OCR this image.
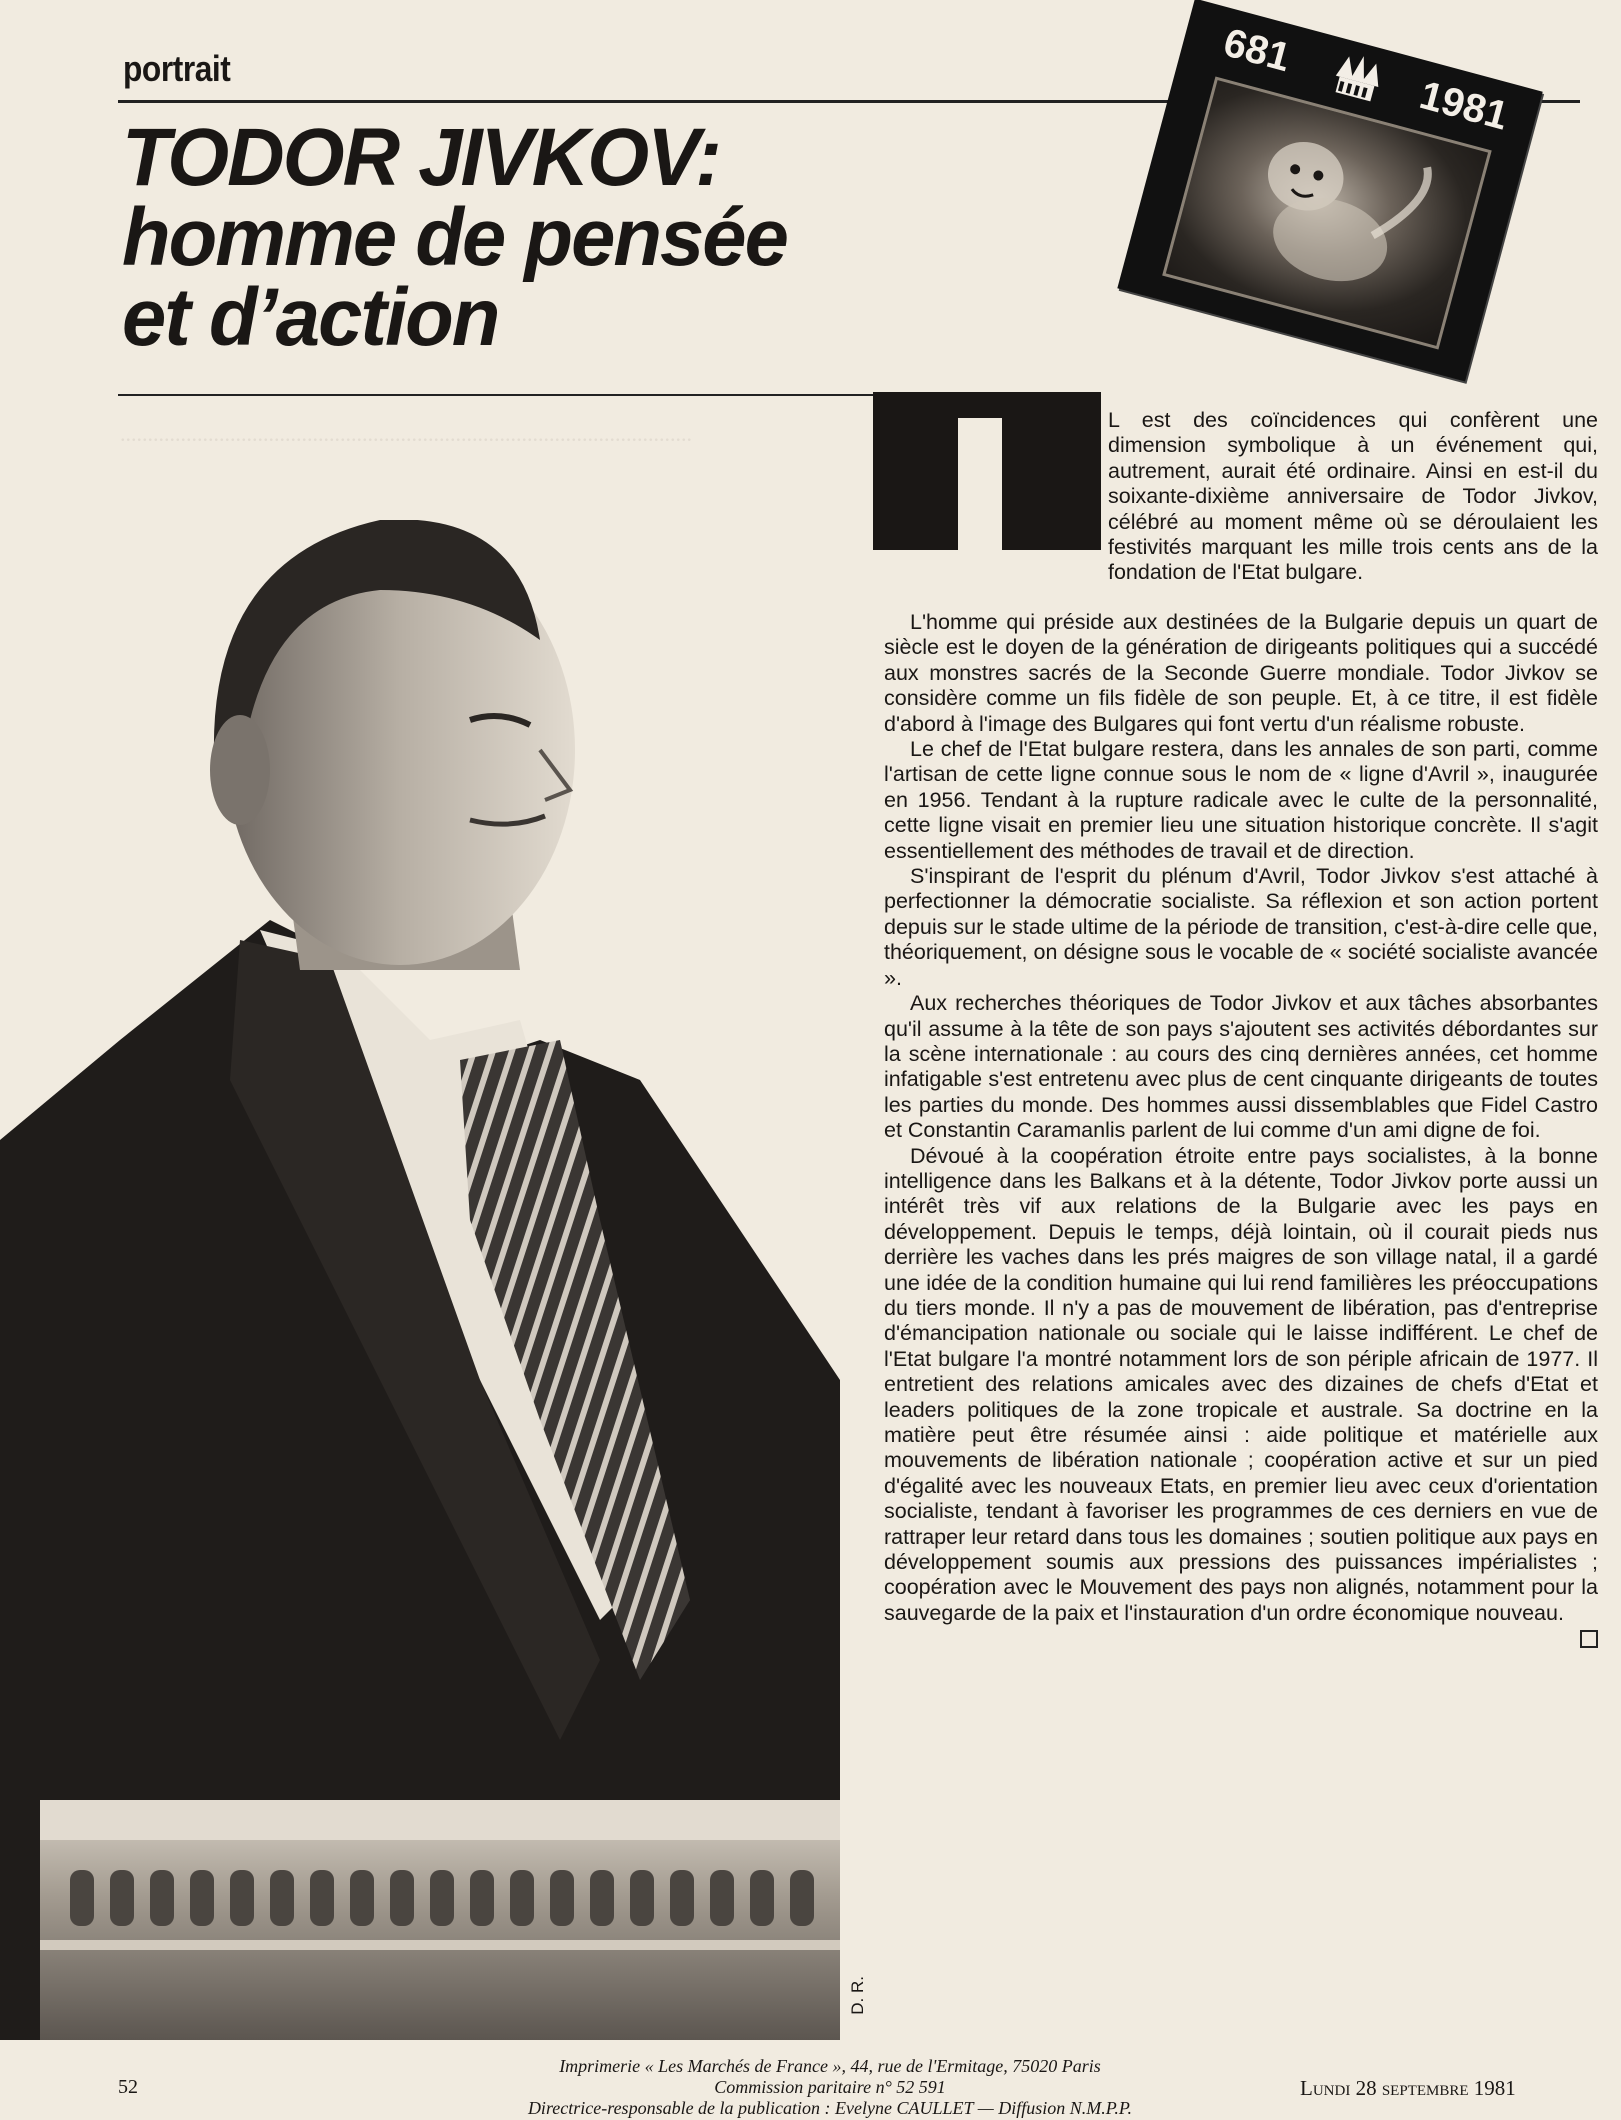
........................................................................................................
portrait
TODOR JIVKOV:
homme de pensée
et d’action
681
1981
D. R.

L est des coïncidences qui confèrent une dimension symbolique à un événement qui, autrement, aurait été ordinaire. Ainsi en est-il du soixante-dixième anniversaire de Todor Jivkov, célébré au moment même où se déroulaient les festivités marquant les mille trois cents ans de la fondation de l'Etat bulgare.

L'homme qui préside aux destinées de la Bulgarie depuis un quart de siècle est le doyen de la génération de dirigeants politiques qui a succédé aux monstres sacrés de la Seconde Guerre mondiale. Todor Jivkov se considère comme un fils fidèle de son peuple. Et, à ce titre, il est fidèle d'abord à l'image des Bulgares qui font vertu d'un réalisme robuste.

Le chef de l'Etat bulgare restera, dans les annales de son parti, comme l'artisan de cette ligne connue sous le nom de « ligne d'Avril », inaugurée en 1956. Tendant à la rupture radicale avec le culte de la personnalité, cette ligne visait en premier lieu une situation historique concrète. Il s'agit essentiellement des méthodes de travail et de direction.

S'inspirant de l'esprit du plénum d'Avril, Todor Jivkov s'est attaché à perfectionner la démocratie socialiste. Sa réflexion et son action portent depuis sur le stade ultime de la période de transition, c'est-à-dire celle que, théoriquement, on désigne sous le vocable de « société socialiste avancée ».

Aux recherches théoriques de Todor Jivkov et aux tâches absorbantes qu'il assume à la tête de son pays s'ajoutent ses activités débordantes sur la scène internationale : au cours des cinq dernières années, cet homme infatigable s'est entretenu avec plus de cent cinquante dirigeants de toutes les parties du monde. Des hommes aussi dissemblables que Fidel Castro et Constantin Caramanlis parlent de lui comme d'un ami digne de foi.

Dévoué à la coopération étroite entre pays socialistes, à la bonne intelligence dans les Balkans et à la détente, Todor Jivkov porte aussi un intérêt très vif aux relations de la Bulgarie avec les pays en développement. Depuis le temps, déjà lointain, où il courait pieds nus derrière les vaches dans les prés maigres de son village natal, il a gardé une idée de la condition humaine qui lui rend familières les préoccupations du tiers monde. Il n'y a pas de mouvement de libération, pas d'entreprise d'émancipation nationale ou sociale qui le laisse indifférent. Le chef de l'Etat bulgare l'a montré notamment lors de son périple africain de 1977. Il entretient des relations amicales avec des dizaines de chefs d'Etat et leaders politiques de la zone tropicale et australe. Sa doctrine en la matière peut être résumée ainsi : aide politique et matérielle aux mouvements de libération nationale ; coopération active et sur un pied d'égalité avec les nouveaux Etats, en premier lieu avec ceux d'orientation socialiste, tendant à favoriser les programmes de ces derniers en vue de rattraper leur retard dans tous les domaines ; soutien politique aux pays en développement soumis aux pressions des puissances impérialistes ; coopération avec le Mouvement des pays non alignés, notamment pour la sauvegarde de la paix et l'instauration d'un ordre économique nouveau.

52
Imprimerie « Les Marchés de France », 44, rue de l'Ermitage, 75020 Paris
Commission paritaire n° 52 591
Directrice-responsable de la publication : Evelyne CAULLET — Diffusion N.M.P.P.
Lundi 28 septembre 1981
